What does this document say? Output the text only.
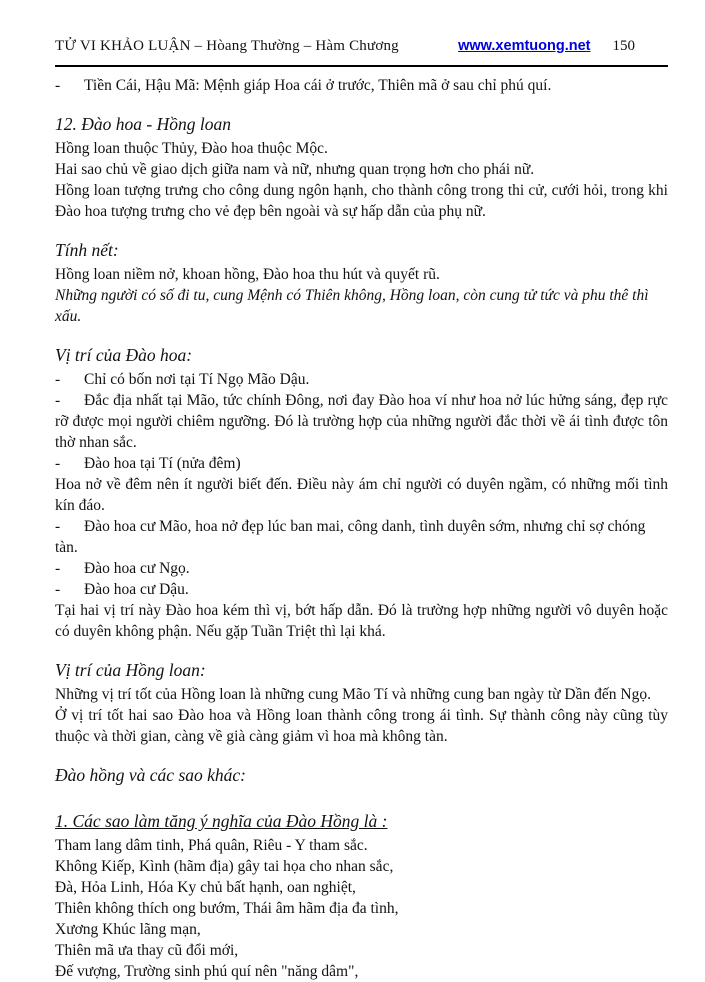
TỬ VI KHẢO LUẬN – Hòang Thường – Hàm Chương	www.xemtuong.net 150

- Tiền Cái, Hậu Mã: Mệnh giáp Hoa cái ở trước, Thiên mã ở sau chỉ phú quí.

12. Đào hoa - Hồng loan

Hồng loan thuộc Thủy, Đào hoa thuộc Mộc.

Hai sao chủ về giao dịch giữa nam và nữ, nhưng quan trọng hơn cho phái nữ.

Hồng loan tượng trưng cho công dung ngôn hạnh, cho thành công trong thi cử, cưới hỏi, trong khi Đào hoa tượng trưng cho vẻ đẹp bên ngoài và sự hấp dẫn của phụ nữ.

Tính nết:

Hồng loan niềm nở, khoan hồng, Đào hoa thu hút và quyết rũ.

Những người có số đi tu, cung Mệnh có Thiên không, Hồng loan, còn cung tử tức và phu thê thì xấu.

Vị trí của Đào hoa:

- Chỉ có bốn nơi tại Tí Ngọ Mão Dậu.

- Đắc địa nhất tại Mão, tức chính Đông, nơi đay Đào hoa ví như hoa nở lúc hửng sáng, đẹp rực rỡ được mọi người chiêm ngưỡng. Đó là trường hợp của những người đắc thời về ái tình được tôn thờ nhan sắc.

- Đào hoa tại Tí (nửa đêm)

Hoa nở về đêm nên ít người biết đến. Điều này ám chỉ người có duyên ngầm, có những mối tình kín đáo.

- Đào hoa cư Mão, hoa nở đẹp lúc ban mai, công danh, tình duyên sớm, nhưng chỉ sợ chóng tàn.

- Đào hoa cư Ngọ.

- Đào hoa cư Dậu.

Tại hai vị trí này Đào hoa kém thì vị, bớt hấp dẫn. Đó là trường hợp những người vô duyên hoặc có duyên không phận. Nếu gặp Tuần Triệt thì lại khá.

Vị trí của Hồng loan:

Những vị trí tốt của Hồng loan là những cung Mão Tí và những cung ban ngày từ Dần đến Ngọ.

Ở vị trí tốt hai sao Đào hoa và Hồng loan thành công trong ái tình. Sự thành công này cũng tùy thuộc và thời gian, càng về già càng giảm vì hoa mà không tàn.

Đào hồng và các sao khác:
1. Các sao làm tăng ý nghĩa của Đào Hồng là :

Tham lang dâm tinh, Phá quân, Riêu - Y tham sắc.

Không Kiếp, Kình (hãm địa) gây tai họa cho nhan sắc,

Đà, Hỏa Linh, Hóa Ky chủ bất hạnh, oan nghiệt,

Thiên không thích ong bướm, Thái âm hãm địa đa tình,

Xương Khúc lãng mạn,

Thiên mã ưa thay cũ đổi mới,

Đế vượng, Trường sinh phú quí nên "năng dâm",
